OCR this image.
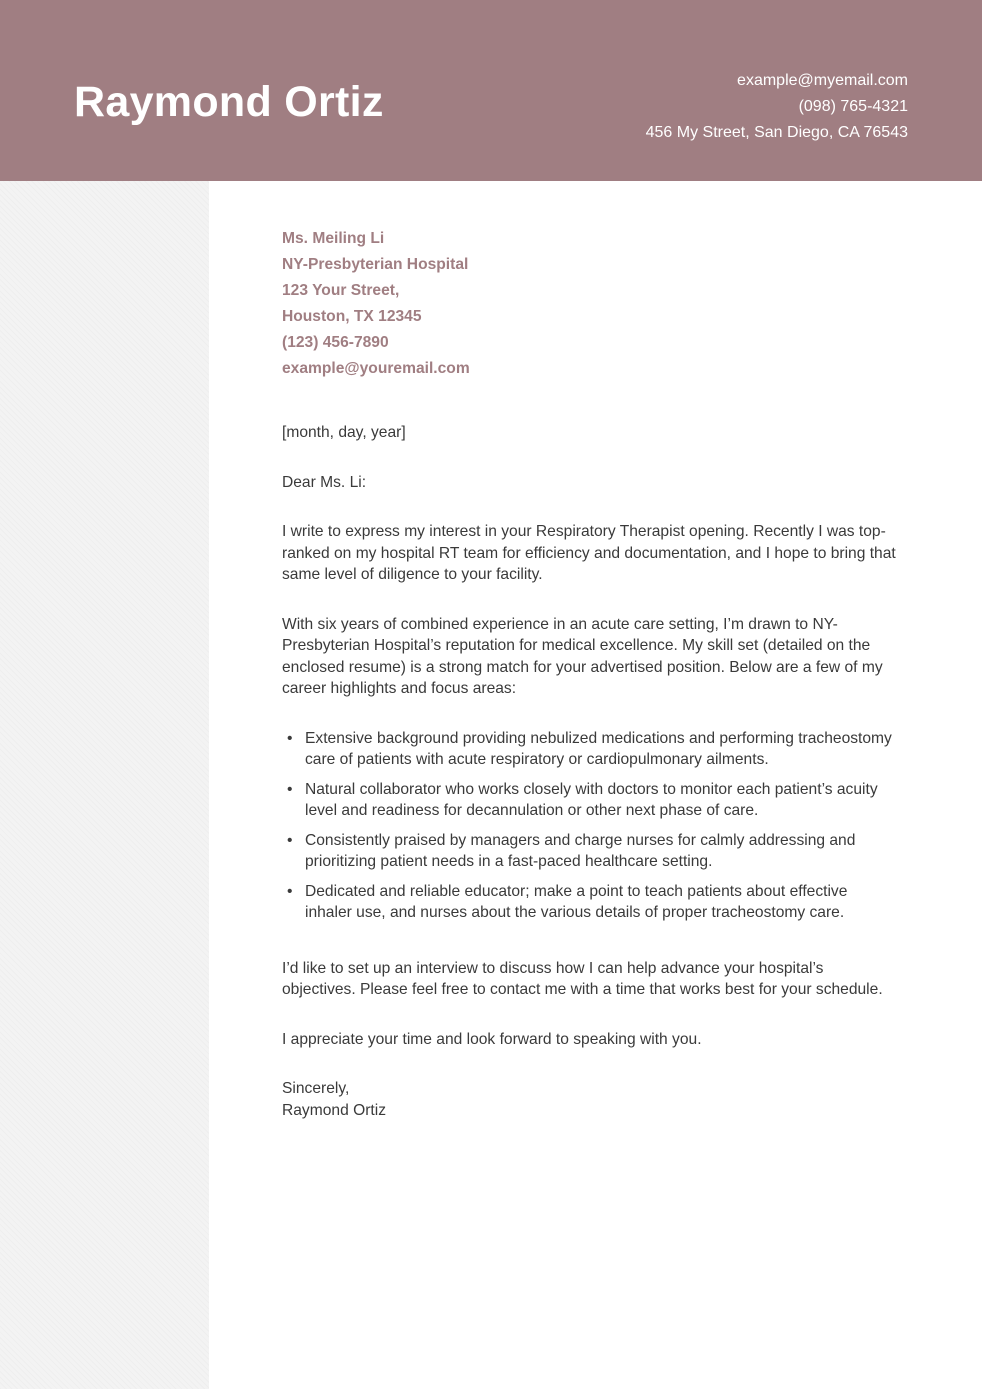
Raymond Ortiz	example@myemail.com
(098) 765-4321
456 My Street, San Diego, CA 76543
Ms. Meiling Li
NY-Presbyterian Hospital
123 Your Street,
Houston, TX 12345
(123) 456-7890
example@youremail.com
[month, day, year]
Dear Ms. Li:
I write to express my interest in your Respiratory Therapist opening. Recently I was top-ranked on my hospital RT team for efficiency and documentation, and I hope to bring that same level of diligence to your facility.
With six years of combined experience in an acute care setting, I’m drawn to NY-Presbyterian Hospital’s reputation for medical excellence. My skill set (detailed on the enclosed resume) is a strong match for your advertised position. Below are a few of my career highlights and focus areas:
• Extensive background providing nebulized medications and performing tracheostomy care of patients with acute respiratory or cardiopulmonary ailments.
• Natural collaborator who works closely with doctors to monitor each patient’s acuity level and readiness for decannulation or other next phase of care.
• Consistently praised by managers and charge nurses for calmly addressing and prioritizing patient needs in a fast-paced healthcare setting.
• Dedicated and reliable educator; make a point to teach patients about effective inhaler use, and nurses about the various details of proper tracheostomy care.
I’d like to set up an interview to discuss how I can help advance your hospital’s objectives. Please feel free to contact me with a time that works best for your schedule.
I appreciate your time and look forward to speaking with you.
Sincerely,
Raymond Ortiz
